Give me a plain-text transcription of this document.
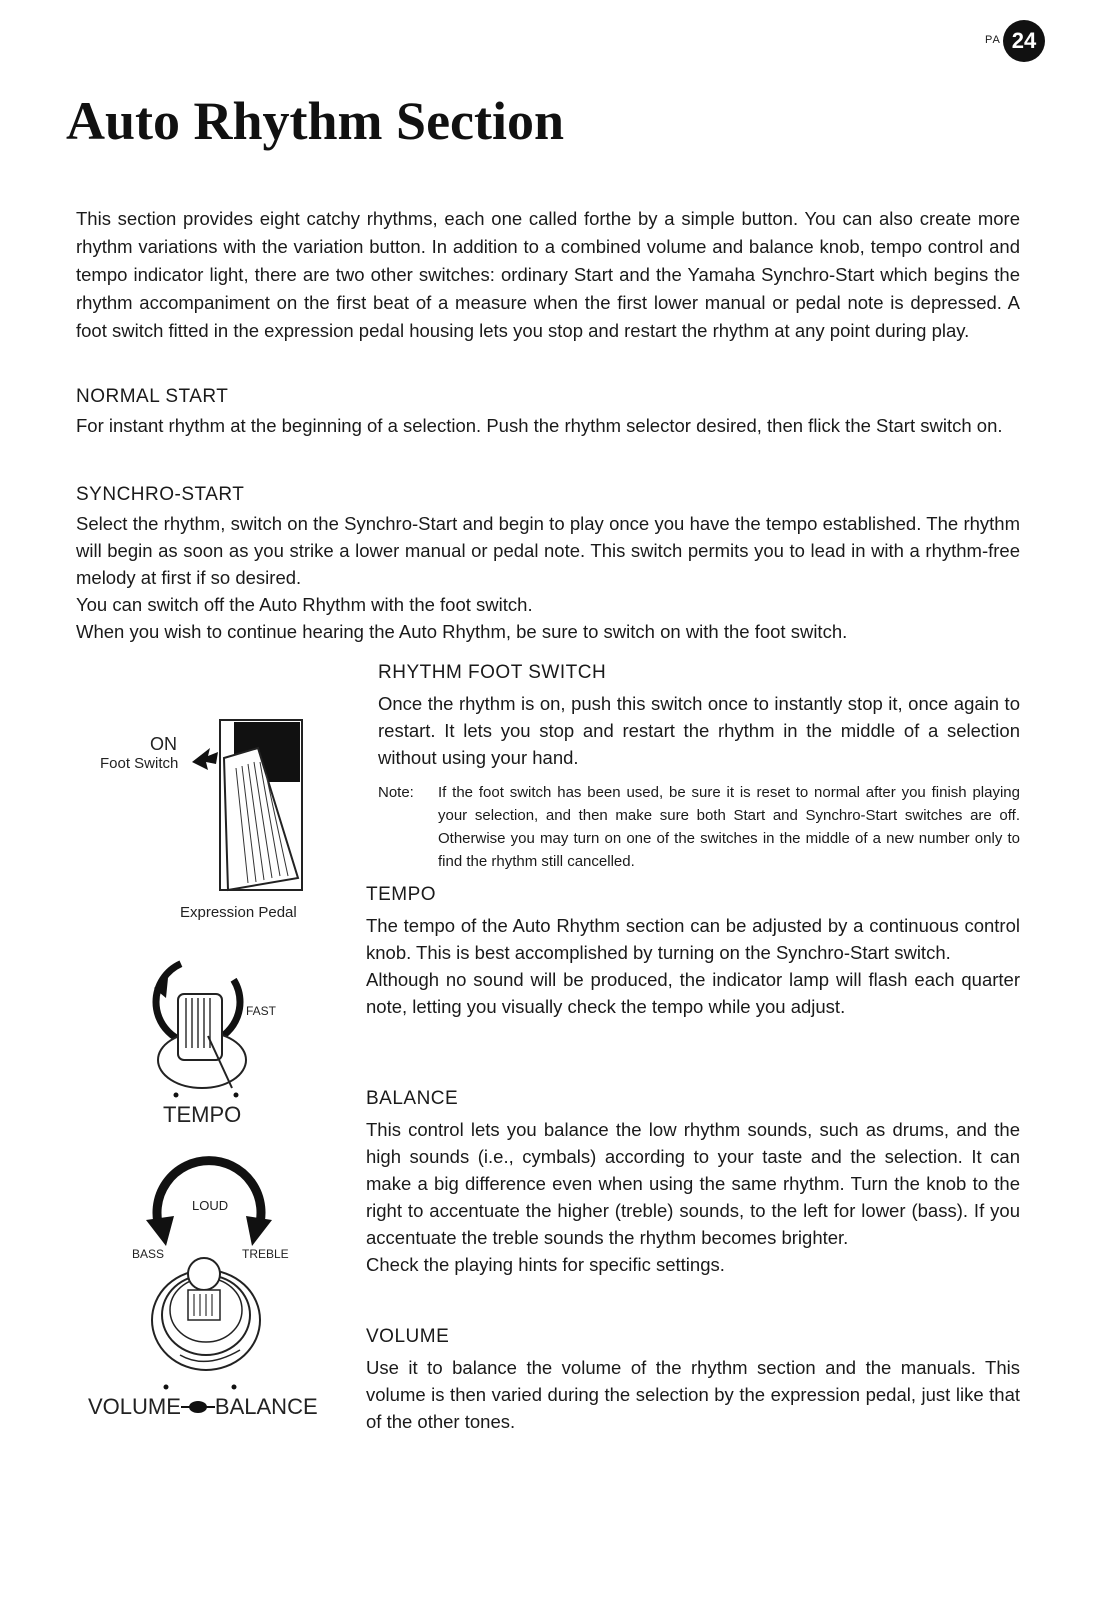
PA 24
Auto Rhythm Section

This section provides eight catchy rhythms, each one called forthe by a simple button. You can also create more rhythm variations with the variation button. In addition to a combined volume and balance knob, tempo control and tempo indicator light, there are two other switches: ordinary Start and the Yamaha Synchro-Start which begins the rhythm accompaniment on the first beat of a measure when the first lower manual or pedal note is depressed. A foot switch fitted in the expression pedal housing lets you stop and restart the rhythm at any point during play.

NORMAL START

For instant rhythm at the beginning of a selection. Push the rhythm selector desired, then flick the Start switch on.

SYNCHRO-START

Select the rhythm, switch on the Synchro-Start and begin to play once you have the tempo established. The rhythm will begin as soon as you strike a lower manual or pedal note. This switch permits you to lead in with a rhythm-free melody at first if so desired.

You can switch off the Auto Rhythm with the foot switch.

When you wish to continue hearing the Auto Rhythm, be sure to switch on with the foot switch.

RHYTHM FOOT SWITCH

Once the rhythm is on, push this switch once to instantly stop it, once again to restart. It lets you stop and restart the rhythm in the middle of a selection without using your hand.

Note:	If the foot switch has been used, be sure it is reset to normal after you finish playing your selection, and then make sure both Start and Synchro-Start switches are off. Otherwise you may turn on one of the switches in the middle of a new number only to find the rhythm still cancelled.

TEMPO

The tempo of the Auto Rhythm section can be adjusted by a continuous control knob. This is best accomplished by turning on the Synchro-Start switch.

Although no sound will be produced, the indicator lamp will flash each quarter note, letting you visually check the tempo while you adjust.

BALANCE

This control lets you balance the low rhythm sounds, such as drums, and the high sounds (i.e., cymbals) according to your taste and the selection. It can make a big difference even when using the same rhythm. Turn the knob to the right to accentuate the higher (treble) sounds, to the left for lower (bass). If you accentuate the treble sounds the rhythm becomes brighter.

Check the playing hints for specific settings.

VOLUME

Use it to balance the volume of the rhythm section and the manuals. This volume is then varied during the selection by the expression pedal, just like that of the other tones.

ON
Foot Switch
Expression Pedal
FAST
TEMPO
LOUD
BASS	TREBLE
VOLUME BALANCE
